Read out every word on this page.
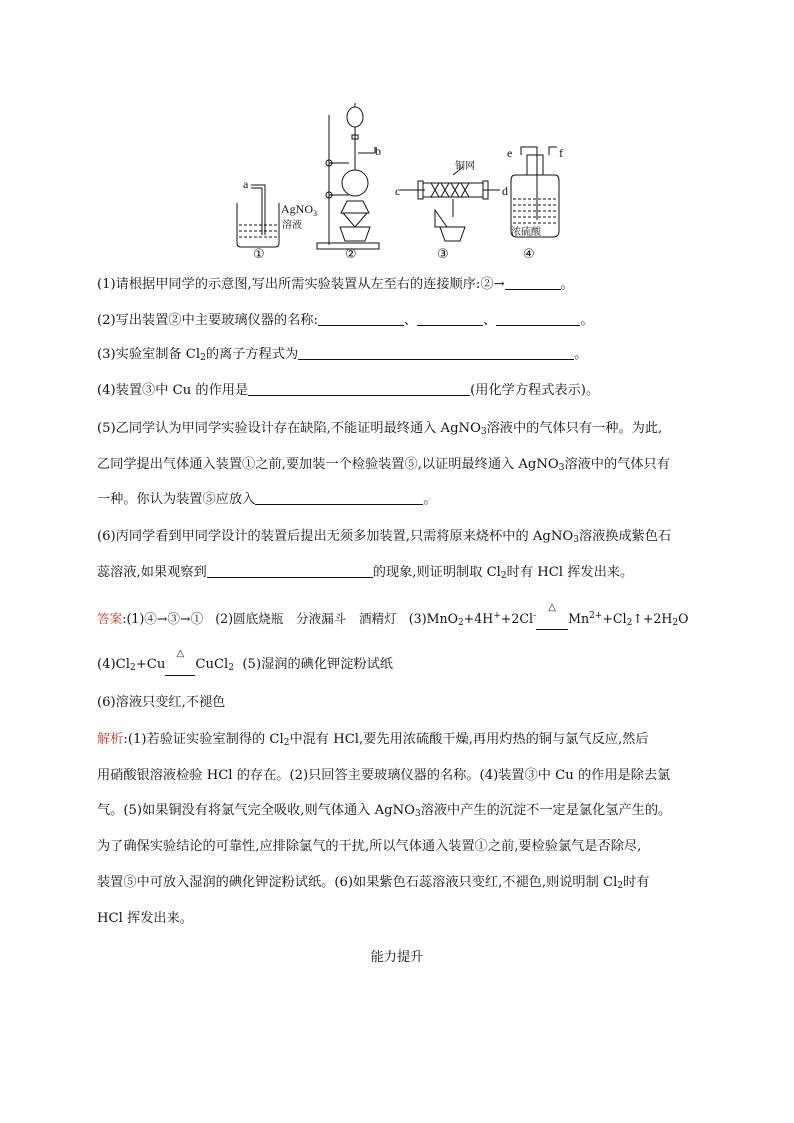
a
b
c	d
e	f
AgNO$_3$
溶液
铜网
浓硫酸
①	②	③	④
(1)请根据甲同学的示意图,写出所需实验装置从左至右的连接顺序:②→	。
(2)写出装置②中主要玻璃仪器的名称:	、	、	。
(3)实验室制备 $Cl_2$的离子方程式为	。
(4)装置③中 Cu 的作用是	(用化学方程式表示)。
(5)乙同学认为甲同学实验设计存在缺陷,不能证明最终通入 AgNO$_3$溶液中的气体只有一种。为此,
乙同学提出气体通入装置①之前,要加装一个检验装置⑤,以证明最终通入 AgNO$_3$溶液中的气体只有
一种。你认为装置⑤应放入	。
(6)丙同学看到甲同学设计的装置后提出无须多加装置,只需将原来烧杯中的 AgNO$_3$溶液换成紫色石
蕊溶液,如果观察到	的现象,则证明制取 $Cl_2$时有 HCl 挥发出来。
答案:(1)④→③→① (2)圆底烧瓶　分液漏斗　酒精灯 (3)MnO$_2$+4H++2Cl-
△
$Mn^{2+}+Cl_2↑+2H_2O$
$(4)Cl_2+Cu$
△
CuCl$_2$ (5)湿润的碘化钾淀粉试纸
(6)溶液只变红,不褪色
解析:(1)若验证实验室制得的 $Cl_2$中混有 HCl,要先用浓硫酸干燥,再用灼热的铜与氯气反应,然后
用硝酸银溶液检验 HCl 的存在。(2)只回答主要玻璃仪器的名称。(4)装置③中 Cu 的作用是除去氯
气。(5)如果铜没有将氯气完全吸收,则气体通入 AgNO$_3$溶液中产生的沉淀不一定是氯化氢产生的。
为了确保实验结论的可靠性,应排除氯气的干扰,所以气体通入装置①之前,要检验氯气是否除尽,
装置⑤中可放入湿润的碘化钾淀粉试纸。(6)如果紫色石蕊溶液只变红,不褪色,则说明制 $Cl_2$时有
HCl 挥发出来。
能力提升
